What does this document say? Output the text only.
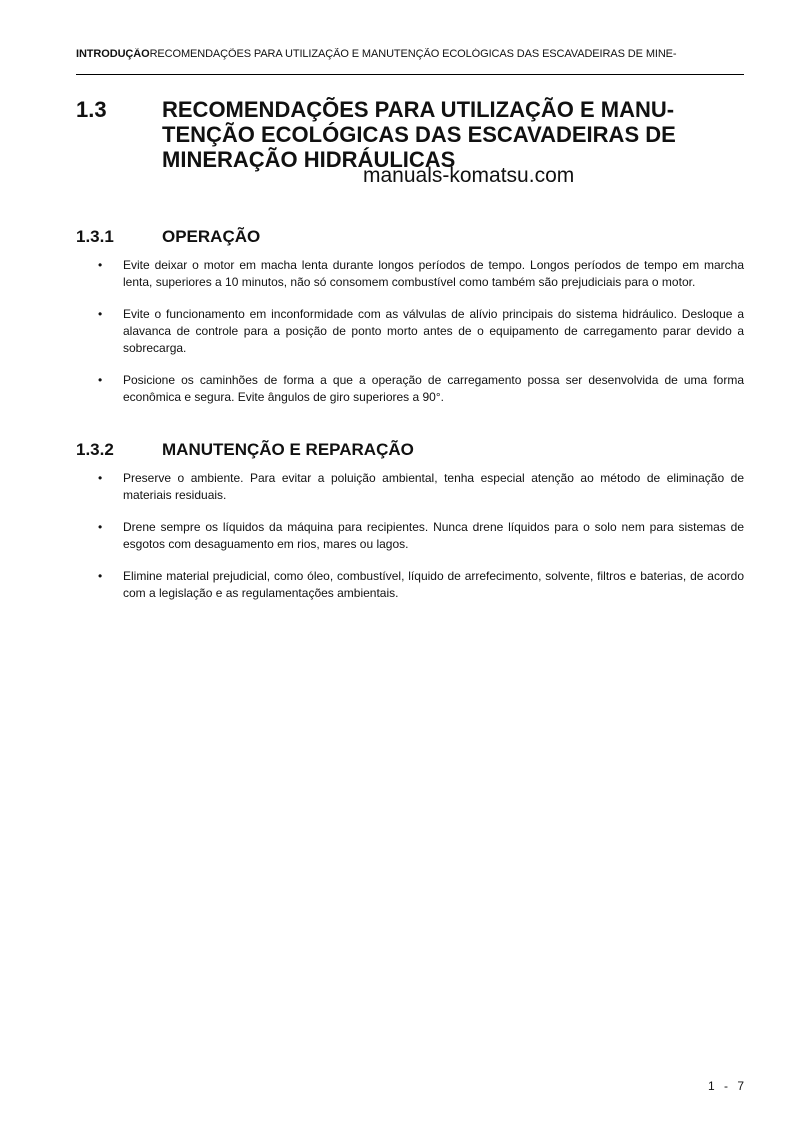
INTRODUÇÃORECOMENDAÇÕES PARA UTILIZAÇÃO E MANUTENÇÃO ECOLÓGICAS DAS ESCAVADEIRAS DE MINE-
1.3	RECOMENDAÇÕES PARA UTILIZAÇÃO E MANU-
TENÇÃO ECOLÓGICAS DAS ESCAVADEIRAS DE
MINERAÇÃO HIDRÁULICAS
manuals-komatsu.com
1.3.1	OPERAÇÃO
• Evite deixar o motor em macha lenta durante longos períodos de tempo. Longos períodos de tempo em marcha lenta, superiores a 10 minutos, não só consomem combustível como também são prejudiciais para o motor.
• Evite o funcionamento em inconformidade com as válvulas de alívio principais do sistema hidráulico. Desloque a alavanca de controle para a posição de ponto morto antes de o equipamento de carregamento parar devido a sobrecarga.
• Posicione os caminhões de forma a que a operação de carregamento possa ser desenvolvida de uma forma econômica e segura. Evite ângulos de giro superiores a 90°.
1.3.2	MANUTENÇÃO E REPARAÇÃO
• Preserve o ambiente. Para evitar a poluição ambiental, tenha especial atenção ao método de eliminação de materiais residuais.
• Drene sempre os líquidos da máquina para recipientes. Nunca drene líquidos para o solo nem para sistemas de esgotos com desaguamento em rios, mares ou lagos.
• Elimine material prejudicial, como óleo, combustível, líquido de arrefecimento, solvente, filtros e baterias, de acordo com a legislação e as regulamentações ambientais.
1 - 7
